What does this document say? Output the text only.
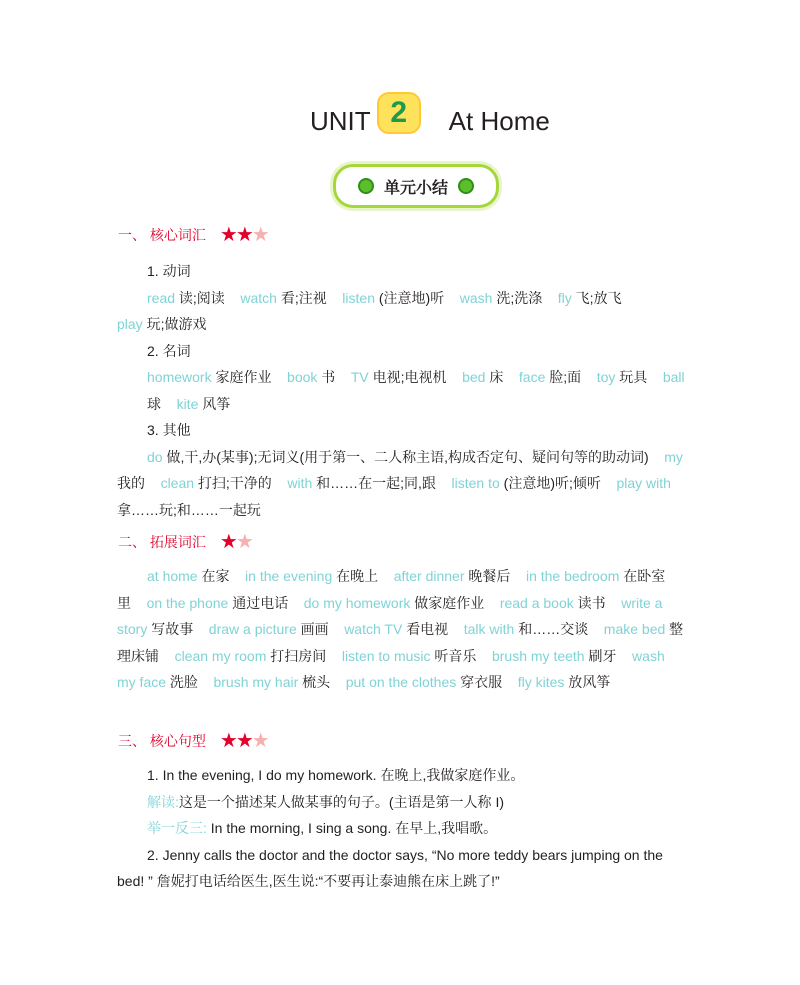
UNIT 2	At Home
单元小结
一、 核心词汇 ★★★
1. 动词
read 读;阅读 watch 看;注视 listen (注意地)听 wash 洗;洗涤 fly 飞;放飞
play 玩;做游戏
2. 名词
homework 家庭作业 book 书 TV 电视;电视机 bed 床 face 脸;面 toy 玩具 ball 球 kite 风筝
3. 其他
do 做,干,办(某事);无词义(用于第一、二人称主语,构成否定句、疑问句等的助动词) my 我的 clean 打扫;干净的 with 和……在一起;同,跟 listen to (注意地)听;倾听 play with 拿……玩;和……一起玩
二、 拓展词汇 ★★
at home 在家 in the evening 在晚上 after dinner 晚餐后 in the bedroom 在卧室里 on the phone 通过电话 do my homework 做家庭作业 read a book 读书 write a story 写故事 draw a picture 画画 watch TV 看电视 talk with 和……交谈 make bed 整理床铺 clean my room 打扫房间 listen to music 听音乐 brush my teeth 刷牙 wash my face 洗脸 brush my hair 梳头 put on the clothes 穿衣服 fly kites 放风筝
三、 核心句型 ★★★
1. In the evening, I do my homework. 在晚上,我做家庭作业。
解读:这是一个描述某人做某事的句子。(主语是第一人称 I)
举一反三: In the morning, I sing a song. 在早上,我唱歌。
2. Jenny calls the doctor and the doctor says, “No more teddy bears jumping on the bed! ” 詹妮打电话给医生,医生说:“不要再让泰迪熊在床上跳了!”
